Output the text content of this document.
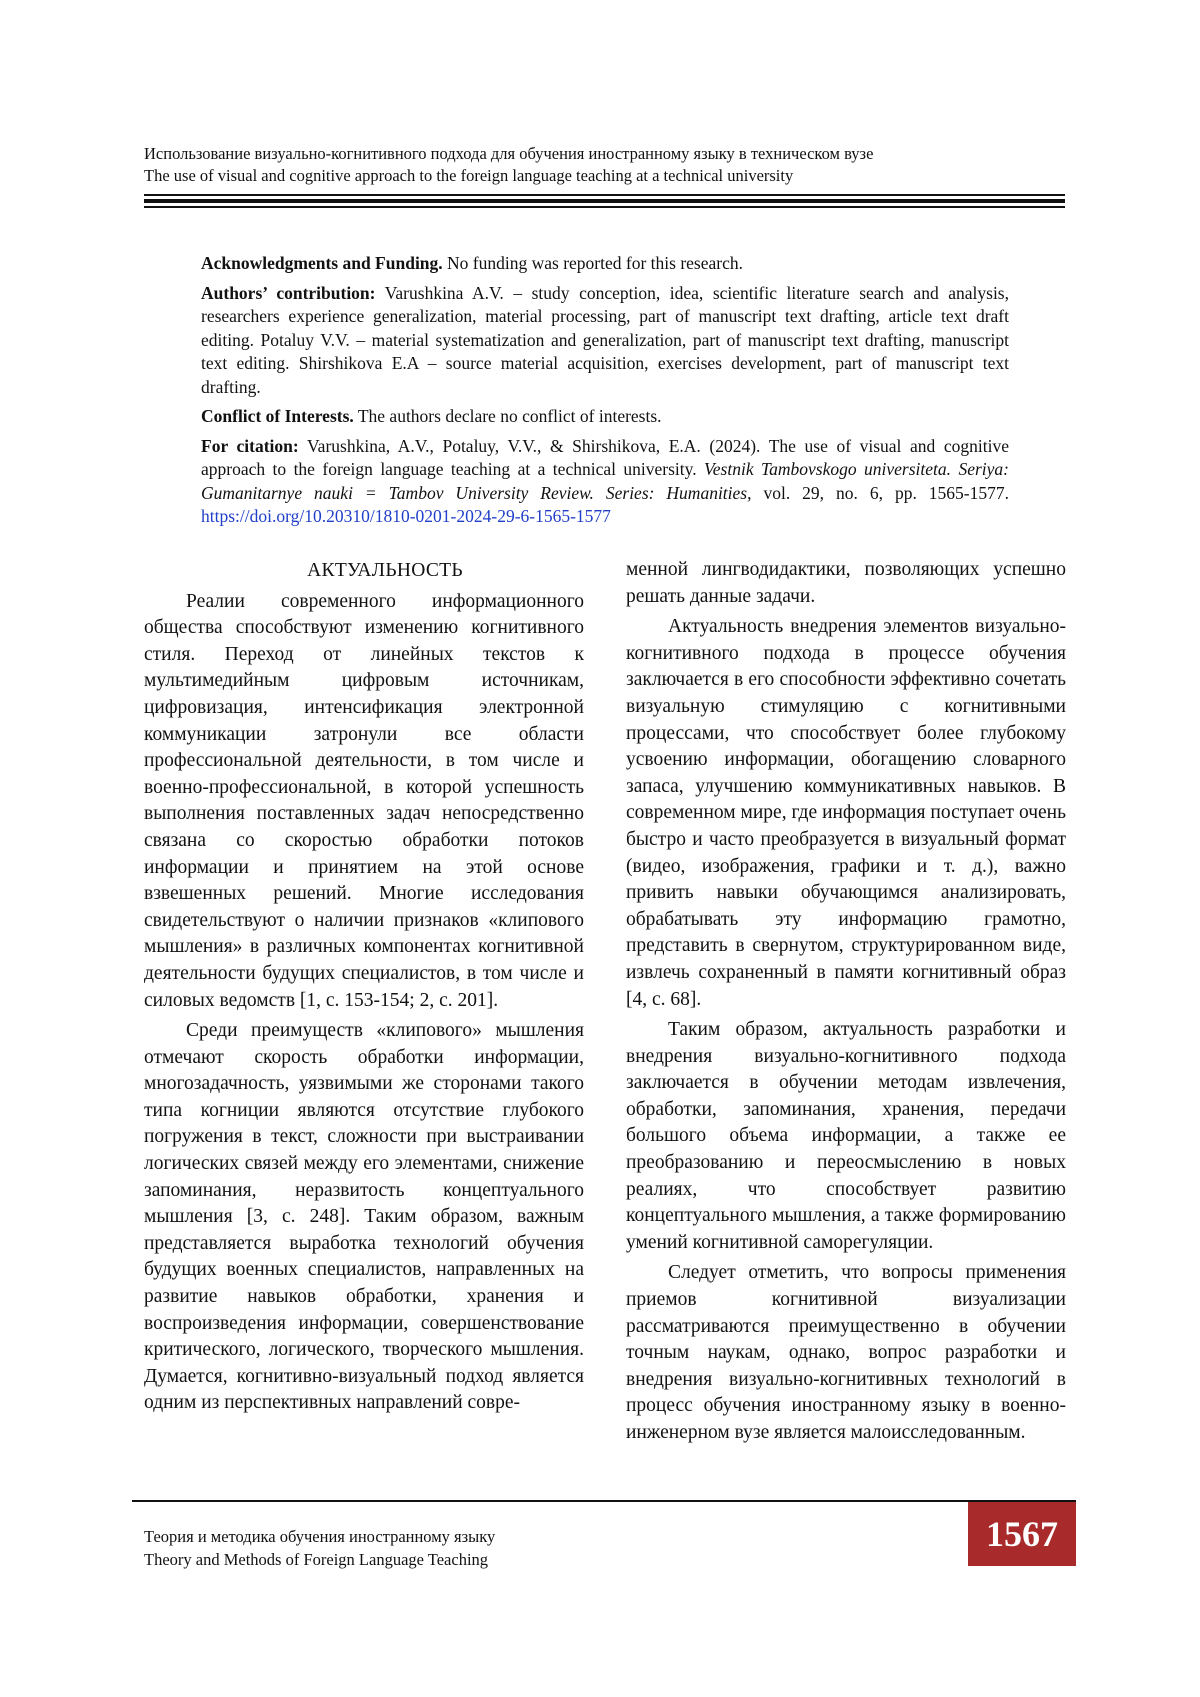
Использование визуально-когнитивного подхода для обучения иностранному языку в техническом вузе
The use of visual and cognitive approach to the foreign language teaching at a technical university

Acknowledgments and Funding. No funding was reported for this research.

Authors’ contribution: Varushkina A.V. – study conception, idea, scientific literature search and analysis, researchers experience generalization, material processing, part of manuscript text drafting, article text draft editing. Potaluy V.V. – material systematization and generalization, part of manuscript text drafting, manuscript text editing. Shirshikova E.A – source material acquisition, exercises development, part of manuscript text drafting.

Conflict of Interests. The authors declare no conflict of interests.

For citation: Varushkina, A.V., Potaluy, V.V., & Shirshikova, E.A. (2024). The use of visual and cognitive approach to the foreign language teaching at a technical university. Vestnik Tambovskogo universiteta. Seriya: Gumanitarnye nauki = Tambov University Review. Series: Humanities, vol. 29, no. 6, pp. 1565-1577. https://doi.org/10.20310/1810-0201-2024-29-6-1565-1577

АКТУАЛЬНОСТЬ

Реалии современного информационного общества способствуют изменению когнитивного стиля. Переход от линейных текстов к мультимедийным цифровым источникам, цифровизация, интенсификация электронной коммуникации затронули все области профессиональной деятельности, в том числе и военно-профессиональной, в которой успешность выполнения поставленных задач непосредственно связана со скоростью обработки потоков информации и принятием на этой основе взвешенных решений. Многие исследования свидетельствуют о наличии признаков «клипового мышления» в различных компонентах когнитивной деятельности будущих специалистов, в том числе и силовых ведомств [1, с. 153-154; 2, с. 201].

Среди преимуществ «клипового» мышления отмечают скорость обработки информации, многозадачность, уязвимыми же сторонами такого типа когниции являются отсутствие глубокого погружения в текст, сложности при выстраивании логических связей между его элементами, снижение запоминания, неразвитость концептуального мышления [3, с. 248]. Таким образом, важным представляется выработка технологий обучения будущих военных специалистов, направленных на развитие навыков обработки, хранения и воспроизведения информации, совершенствование критического, логического, творческого мышления. Думается, когнитивно-визуальный подход является одним из перспективных направлений совре-

менной лингводидактики, позволяющих успешно решать данные задачи.

Актуальность внедрения элементов визуально-когнитивного подхода в процессе обучения заключается в его способности эффективно сочетать визуальную стимуляцию с когнитивными процессами, что способствует более глубокому усвоению информации, обогащению словарного запаса, улучшению коммуникативных навыков. В современном мире, где информация поступает очень быстро и часто преобразуется в визуальный формат (видео, изображения, графики и т. д.), важно привить навыки обучающимся анализировать, обрабатывать эту информацию грамотно, представить в свернутом, структурированном виде, извлечь сохраненный в памяти когнитивный образ [4, с. 68].

Таким образом, актуальность разработки и внедрения визуально-когнитивного подхода заключается в обучении методам извлечения, обработки, запоминания, хранения, передачи большого объема информации, а также ее преобразованию и переосмыслению в новых реалиях, что способствует развитию концептуального мышления, а также формированию умений когнитивной саморегуляции.

Следует отметить, что вопросы применения приемов когнитивной визуализации рассматриваются преимущественно в обучении точным наукам, однако, вопрос разработки и внедрения визуально-когнитивных технологий в процесс обучения иностранному языку в военно-инженерном вузе является малоисследованным.

Теория и методика обучения иностранному языку
Theory and Methods of Foreign Language Teaching
1567
